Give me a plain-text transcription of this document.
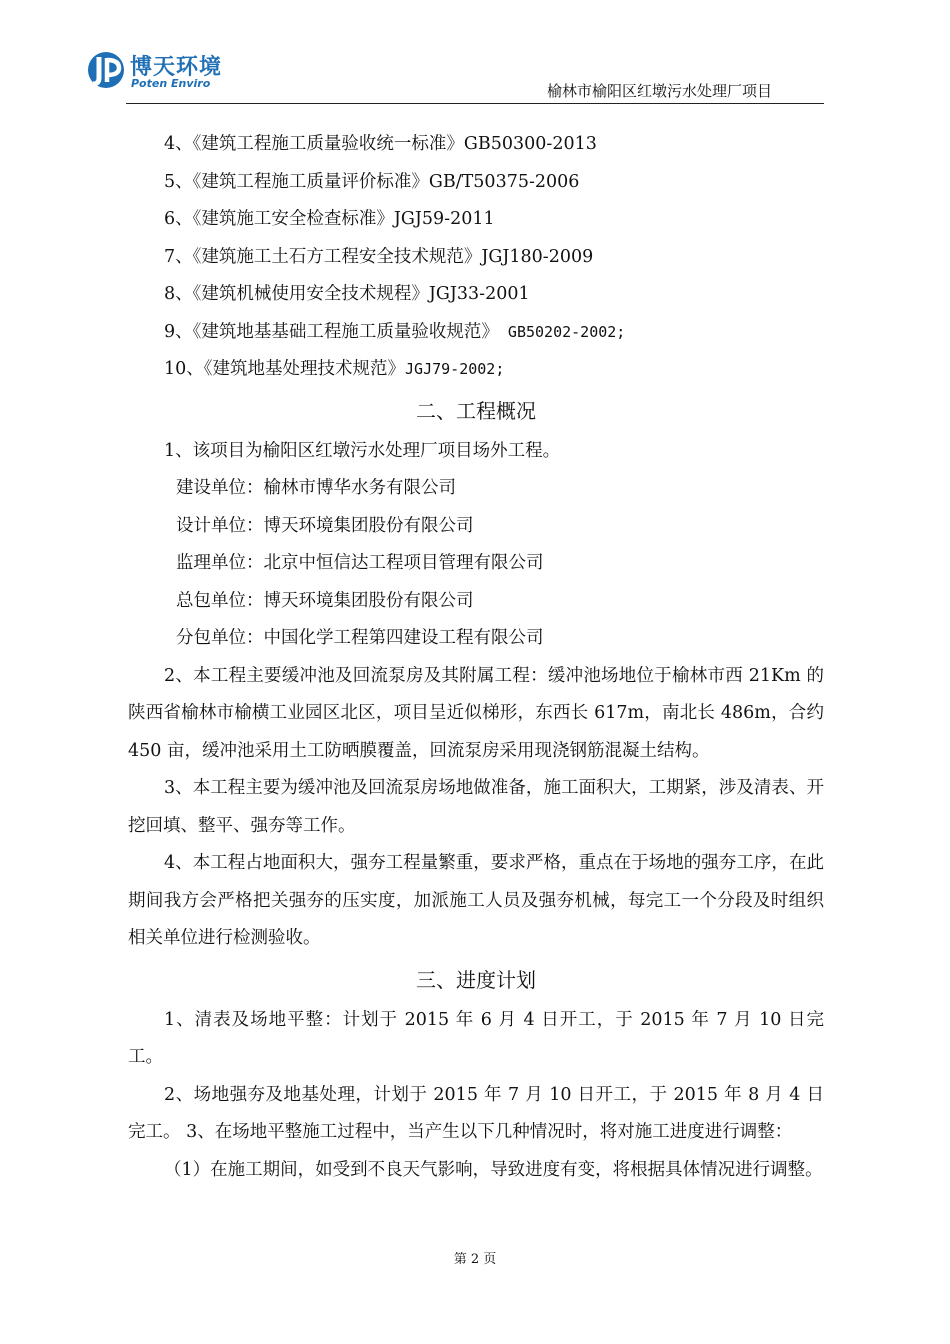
博天环境
Poten Enviro	榆林市榆阳区红墩污水处理厂项目
4、《建筑工程施工质量验收统一标准》GB50300-2013
5、《建筑工程施工质量评价标准》GB/T50375-2006
6、《建筑施工安全检查标准》JGJ59-2011
7、《建筑施工土石方工程安全技术规范》JGJ180-2009
8、《建筑机械使用安全技术规程》JGJ33-2001
9、《建筑地基基础工程施工质量验收规范》 GB50202-2002;
10、《建筑地基处理技术规范》JGJ79-2002;
二、工程概况
1、该项目为榆阳区红墩污水处理厂项目场外工程。
建设单位：榆林市博华水务有限公司
设计单位：博天环境集团股份有限公司
监理单位：北京中恒信达工程项目管理有限公司
总包单位：博天环境集团股份有限公司
分包单位：中国化学工程第四建设工程有限公司

2、本工程主要缓冲池及回流泵房及其附属工程：缓冲池场地位于榆林市西 21Km 的陕西省榆林市榆横工业园区北区，项目呈近似梯形，东西长 617m，南北长 486m，合约 450 亩，缓冲池采用土工防晒膜覆盖，回流泵房采用现浇钢筋混凝土结构。

3、本工程主要为缓冲池及回流泵房场地做准备，施工面积大，工期紧，涉及清表、开挖回填、整平、强夯等工作。

4、本工程占地面积大，强夯工程量繁重，要求严格，重点在于场地的强夯工序，在此期间我方会严格把关强夯的压实度，加派施工人员及强夯机械，每完工一个分段及时组织相关单位进行检测验收。

三、进度计划

1、清表及场地平整：计划于 2015 年 6 月 4 日开工，于 2015 年 7 月 10 日完工。

2、场地强夯及地基处理，计划于 2015 年 7 月 10 日开工，于 2015 年 8 月 4 日完工。 3、在场地平整施工过程中，当产生以下几种情况时，将对施工进度进行调整：

（1）在施工期间，如受到不良天气影响，导致进度有变，将根据具体情况进行调整。

第 2 页
